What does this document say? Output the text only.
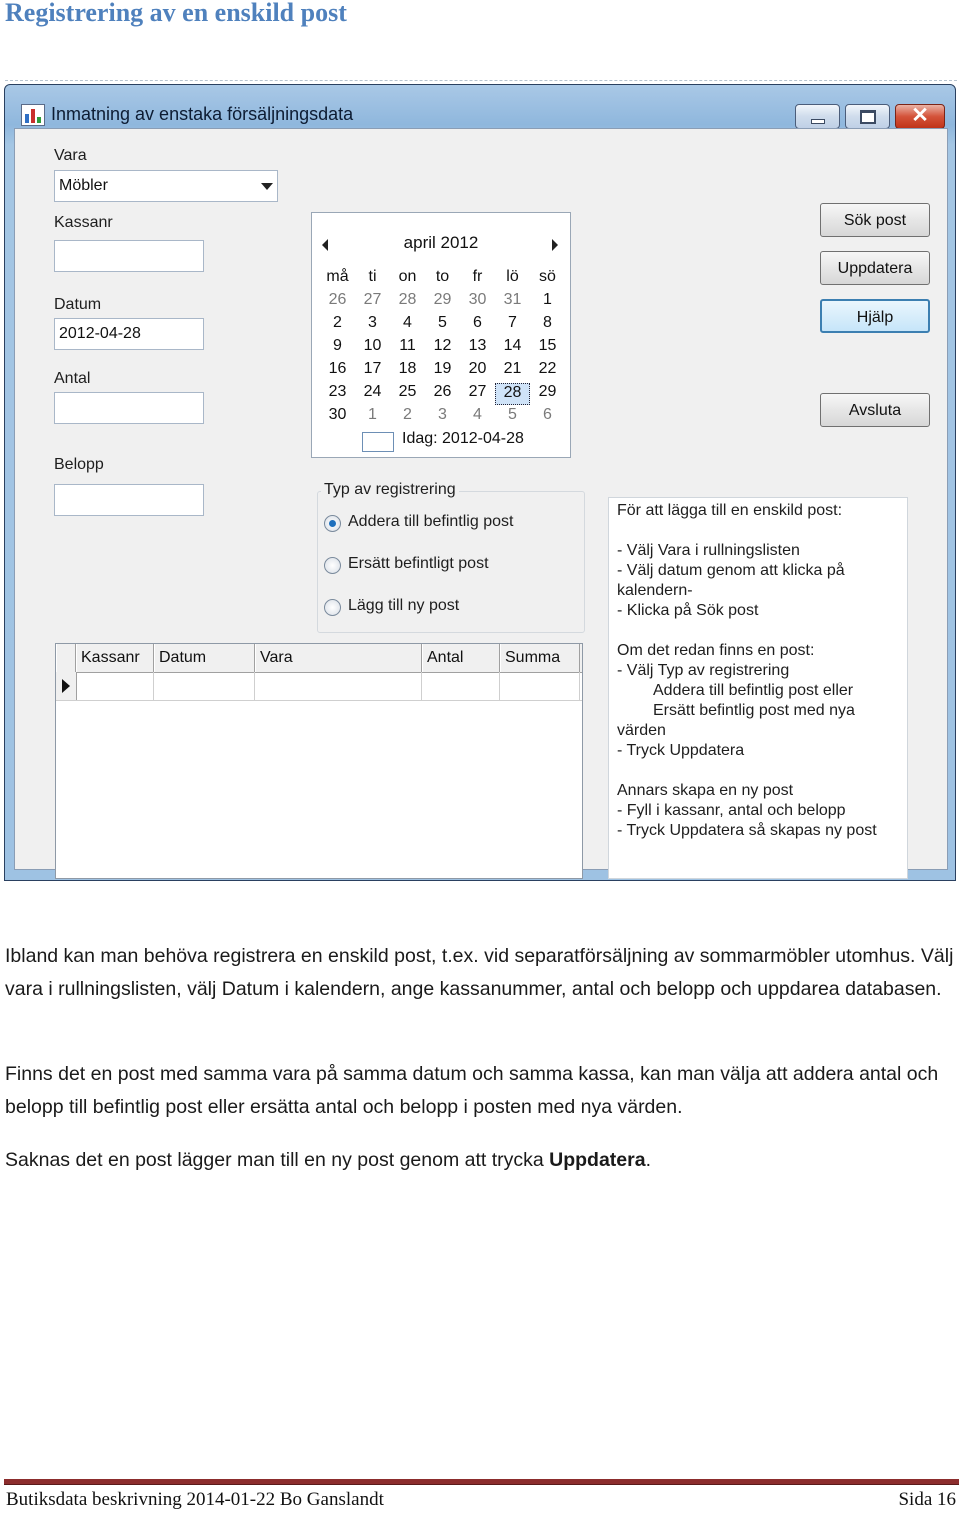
Registrering av en enskild post
Inmatning av enstaka försäljningsdata	✕
Vara
Möbler
Kassanr
Datum
2012-04-28
Antal
Belopp
april 2012
må	ti	on	to	fr	lö	sö
26	27	28	29	30	31	1
2	3	4	5	6	7	8
9	10	11	12	13	14	15
16	17	18	19	20	21	22
23	24	25	26	27	28	29
30	1	2	3	4	5	6
Idag: 2012-04-28
Sök post
Uppdatera
Hjälp
Avsluta
Typ av registrering
Addera till befintlig post
Ersätt befintligt post
Lägg till ny post
Kassanr	Datum	Vara	Antal	Summa
För att lägga till en enskild post:
- Välj Vara i rullningslisten
- Välj datum genom att klicka på
kalendern-
- Klicka på Sök post
Om det redan finns en post:
- Välj Typ av registrering
Addera till befintlig post eller
Ersätt befintlig post med nya
värden
- Tryck Uppdatera
Annars skapa en ny post
- Fyll i kassanr, antal och belopp
- Tryck Uppdatera så skapas ny post
Ibland kan man behöva registrera en enskild post, t.ex. vid separatförsäljning av sommarmöbler utomhus. Välj vara i rullningslisten, välj Datum i kalendern, ange kassanummer, antal och belopp och uppdarea databasen.
Finns det en post med samma vara på samma datum och samma kassa, kan man välja att addera antal och belopp till befintlig post eller ersätta antal och belopp i posten med nya värden.
Saknas det en post lägger man till en ny post genom att trycka Uppdatera.
Butiksdata beskrivning 2014-01-22 Bo Ganslandt	Sida 16
